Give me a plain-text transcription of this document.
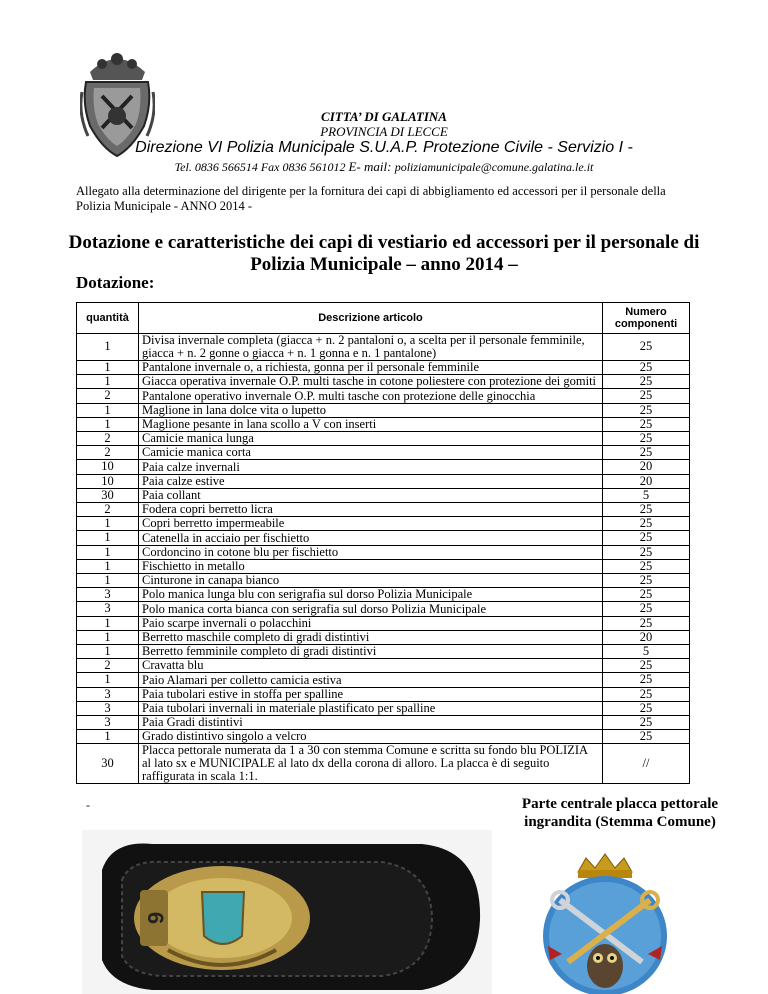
CITTA’ DI GALATINA
PROVINCIA DI LECCE
Direzione VI Polizia Municipale S.U.A.P. Protezione Civile - Servizio I -
Tel. 0836 566514 Fax 0836 561012 E- mail: poliziamunicipale@comune.galatina.le.it
Allegato alla determinazione del dirigente per la fornitura dei capi di abbigliamento ed accessori per il personale della Polizia Municipale - ANNO 2014 -
Dotazione e caratteristiche dei capi di vestiario ed accessori per il personale di Polizia Municipale – anno 2014 –
Dotazione:
quantità	Descrizione articolo	Numero componenti
1	Divisa invernale completa (giacca + n. 2 pantaloni o, a scelta per il personale femminile, giacca + n. 2 gonne o giacca + n. 1 gonna e n. 1 pantalone)	25
1	Pantalone invernale o, a richiesta, gonna per il personale femminile	25
1	Giacca operativa invernale O.P. multi tasche in cotone poliestere con protezione dei gomiti	25
2	Pantalone operativo invernale O.P. multi tasche con protezione delle ginocchia	25
1	Maglione in lana dolce vita o lupetto	25
1	Maglione pesante in lana scollo a V con inserti	25
2	Camicie manica lunga	25
2	Camicie manica corta	25
10	Paia calze invernali	20
10	Paia calze estive	20
30	Paia collant	5
2	Fodera copri berretto licra	25
1	Copri berretto impermeabile	25
1	Catenella in acciaio per fischietto	25
1	Cordoncino in cotone blu per fischietto	25
1	Fischietto in metallo	25
1	Cinturone in canapa bianco	25
3	Polo manica lunga blu con serigrafia sul dorso Polizia Municipale	25
3	Polo manica corta bianca con serigrafia sul dorso Polizia Municipale	25
1	Paio scarpe invernali o polacchini	25
1	Berretto maschile completo di gradi distintivi	20
1	Berretto femminile completo di gradi distintivi	5
2	Cravatta blu	25
1	Paio Alamari per colletto camicia estiva	25
3	Paia tubolari estive in stoffa per spalline	25
3	Paia tubolari invernali in materiale plastificato per spalline	25
3	Paia Gradi distintivi	25
1	Grado distintivo singolo a velcro	25
30	Placca pettorale numerata da 1 a 30 con stemma Comune e scritta su fondo blu POLIZIA al lato sx e MUNICIPALE al lato dx della corona di alloro. La placca è di seguito raffigurata in scala 1:1.	//
-	Parte centrale placca pettorale ingrandita (Stemma Comune)
6
